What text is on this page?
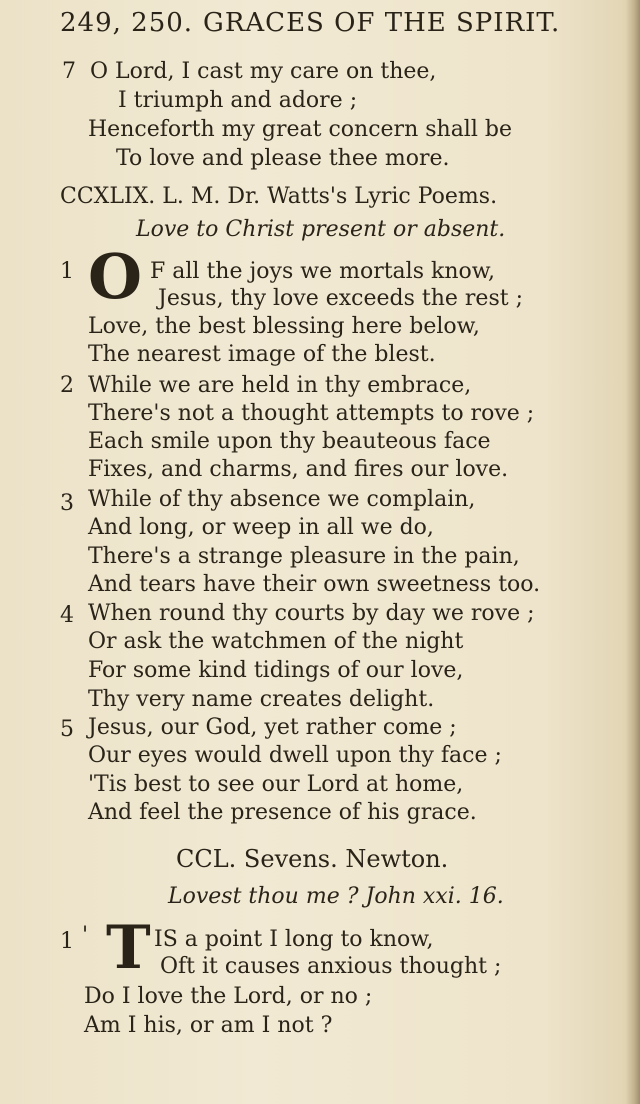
249, 250. GRACES OF THE SPIRIT.
7 O Lord, I cast my care on thee,
I triumph and adore ;
Henceforth my great concern shall be
To love and please thee more.
CCXLIX. L. M. Dr. Watts's Lyric Poems.
Love to Christ present or absent.
1 O F all the joys we mortals know,
Jesus, thy love exceeds the rest ;
Love, the best blessing here below,
The nearest image of the blest.
2 While we are held in thy embrace,
There's not a thought attempts to rove ;
Each smile upon thy beauteous face
Fixes, and charms, and fires our love.
3 While of thy absence we complain,
And long, or weep in all we do,
There's a strange pleasure in the pain,
And tears have their own sweetness too.
4 When round thy courts by day we rove ;
Or ask the watchmen of the night
For some kind tidings of our love,
Thy very name creates delight.
5 Jesus, our God, yet rather come ;
Our eyes would dwell upon thy face ;
'Tis best to see our Lord at home,
And feel the presence of his grace.
CCL. Sevens. Newton.
Lovest thou me ? John xxi. 16.
1 ' T IS a point I long to know,
Oft it causes anxious thought ;
Do I love the Lord, or no ;
Am I his, or am I not ?
